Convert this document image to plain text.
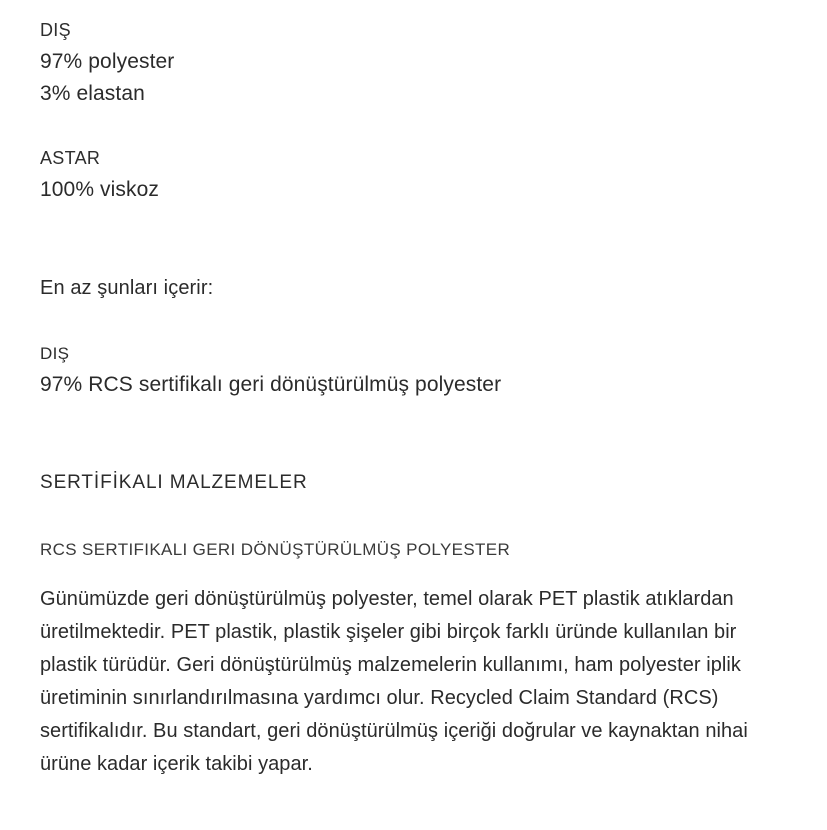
DIŞ
97% polyester
3% elastan
ASTAR
100% viskoz
En az şunları içerir:
DIŞ
97% RCS sertifikalı geri dönüştürülmüş polyester
SERTİFİKALI MALZEMELER
RCS SERTIFIKALI GERI DÖNÜŞTÜRÜLMÜŞ POLYESTER

Günümüzde geri dönüştürülmüş polyester, temel olarak PET plastik atıklardan üretilmektedir. PET plastik, plastik şişeler gibi birçok farklı üründe kullanılan bir plastik türüdür. Geri dönüştürülmüş malzemelerin kullanımı, ham polyester iplik üretiminin sınırlandırılmasına yardımcı olur. Recycled Claim Standard (RCS) sertifikalıdır. Bu standart, geri dönüştürülmüş içeriği doğrular ve kaynaktan nihai ürüne kadar içerik takibi yapar.
